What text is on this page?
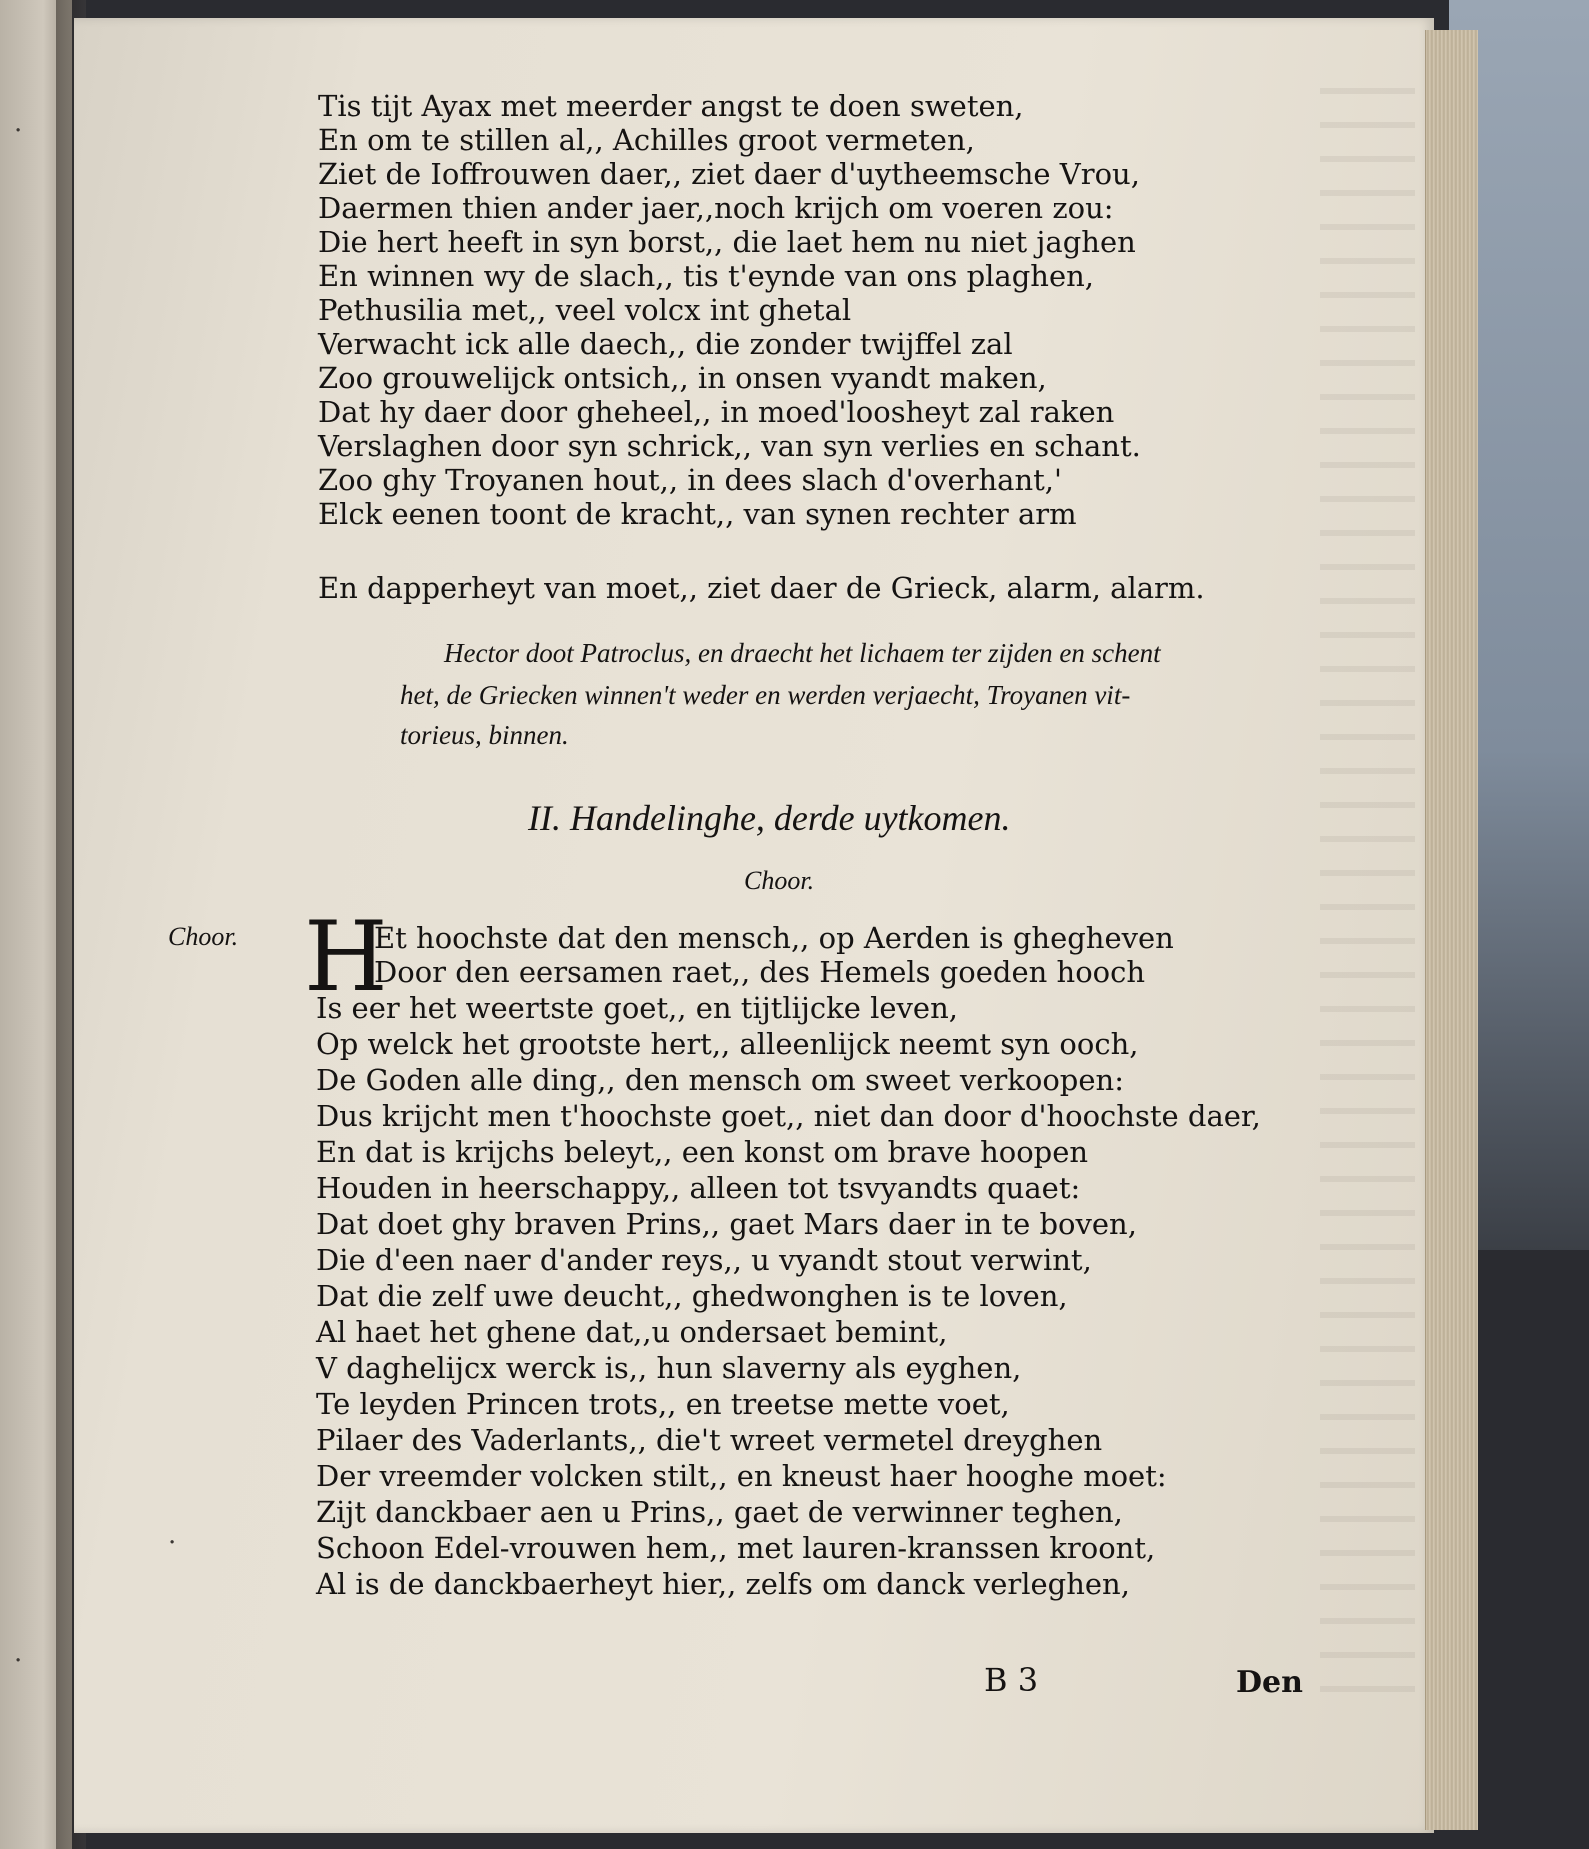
·
·
·
Tis tijt Ayax met meerder angst te doen sweten,
En om te stillen al,, Achilles groot vermeten,
Ziet de Ioffrouwen daer,, ziet daer d'uytheemsche Vrou,
Daermen thien ander jaer,,noch krijch om voeren zou:
Die hert heeft in syn borst,, die laet hem nu niet jaghen
En winnen wy de slach,, tis t'eynde van ons plaghen,
Pethusilia met,, veel volcx int ghetal
Verwacht ick alle daech,, die zonder twijffel zal
Zoo grouwelijck ontsich,, in onsen vyandt maken,
Dat hy daer door gheheel,, in moed'loosheyt zal raken
Verslaghen door syn schrick,, van syn verlies en schant.
Zoo ghy Troyanen hout,, in dees slach d'overhant,'
Elck eenen toont de kracht,, van synen rechter arm
En dapperheyt van moet,, ziet daer de Grieck, alarm, alarm.
Hector doot Patroclus, en draecht het lichaem ter zijden en schent
het, de Griecken winnen't weder en werden verjaecht, Troyanen vit-
torieus, binnen.
II. Handelinghe, derde uytkomen.
Choor.
Choor. H
Et hoochste dat den mensch,, op Aerden is ghegheven
Door den eersamen raet,, des Hemels goeden hooch
Is eer het weertste goet,, en tijtlijcke leven,
Op welck het grootste hert,, alleenlijck neemt syn ooch,
De Goden alle ding,, den mensch om sweet verkoopen:
Dus krijcht men t'hoochste goet,, niet dan door d'hoochste daer,
En dat is krijchs beleyt,, een konst om brave hoopen
Houden in heerschappy,, alleen tot tsvyandts quaet:
Dat doet ghy braven Prins,, gaet Mars daer in te boven,
Die d'een naer d'ander reys,, u vyandt stout verwint,
Dat die zelf uwe deucht,, ghedwonghen is te loven,
Al haet het ghene dat,,u ondersaet bemint,
V daghelijcx werck is,, hun slaverny als eyghen,
Te leyden Princen trots,, en treetse mette voet,
Pilaer des Vaderlants,, die't wreet vermetel dreyghen
Der vreemder volcken stilt,, en kneust haer hooghe moet:
Zijt danckbaer aen u Prins,, gaet de verwinner teghen,
Schoon Edel-vrouwen hem,, met lauren-kranssen kroont,
Al is de danckbaerheyt hier,, zelfs om danck verleghen,
B 3	Den
